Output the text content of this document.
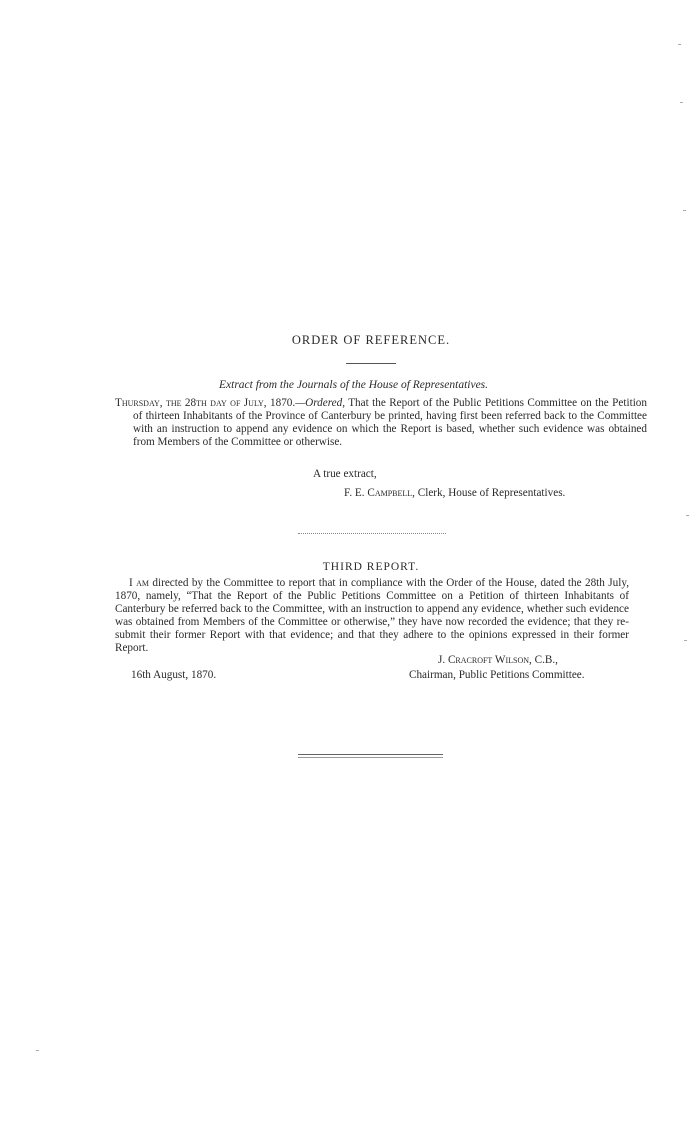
ORDER OF REFERENCE.
Extract from the Journals of the House of Representatives.
Thursday, the 28th day of July, 1870.—Ordered, That the Report of the Public Petitions Committee on the Petition of thirteen Inhabitants of the Province of Canterbury be printed, having first been referred back to the Committee with an instruction to append any evidence on which the Report is based, whether such evidence was obtained from Members of the Committee or otherwise.
A true extract,
F. E. Campbell, Clerk, House of Representatives.
THIRD REPORT.
I am directed by the Committee to report that in compliance with the Order of the House, dated the 28th July, 1870, namely, “That the Report of the Public Petitions Committee on a Petition of thirteen Inhabitants of Canterbury be referred back to the Committee, with an instruction to append any evidence, whether such evidence was obtained from Members of the Committee or otherwise,” they have now recorded the evidence; that they re-submit their former Report with that evidence; and that they adhere to the opinions expressed in their former Report.
J. Cracroft Wilson, C.B.,
16th August, 1870.	Chairman, Public Petitions Committee.
